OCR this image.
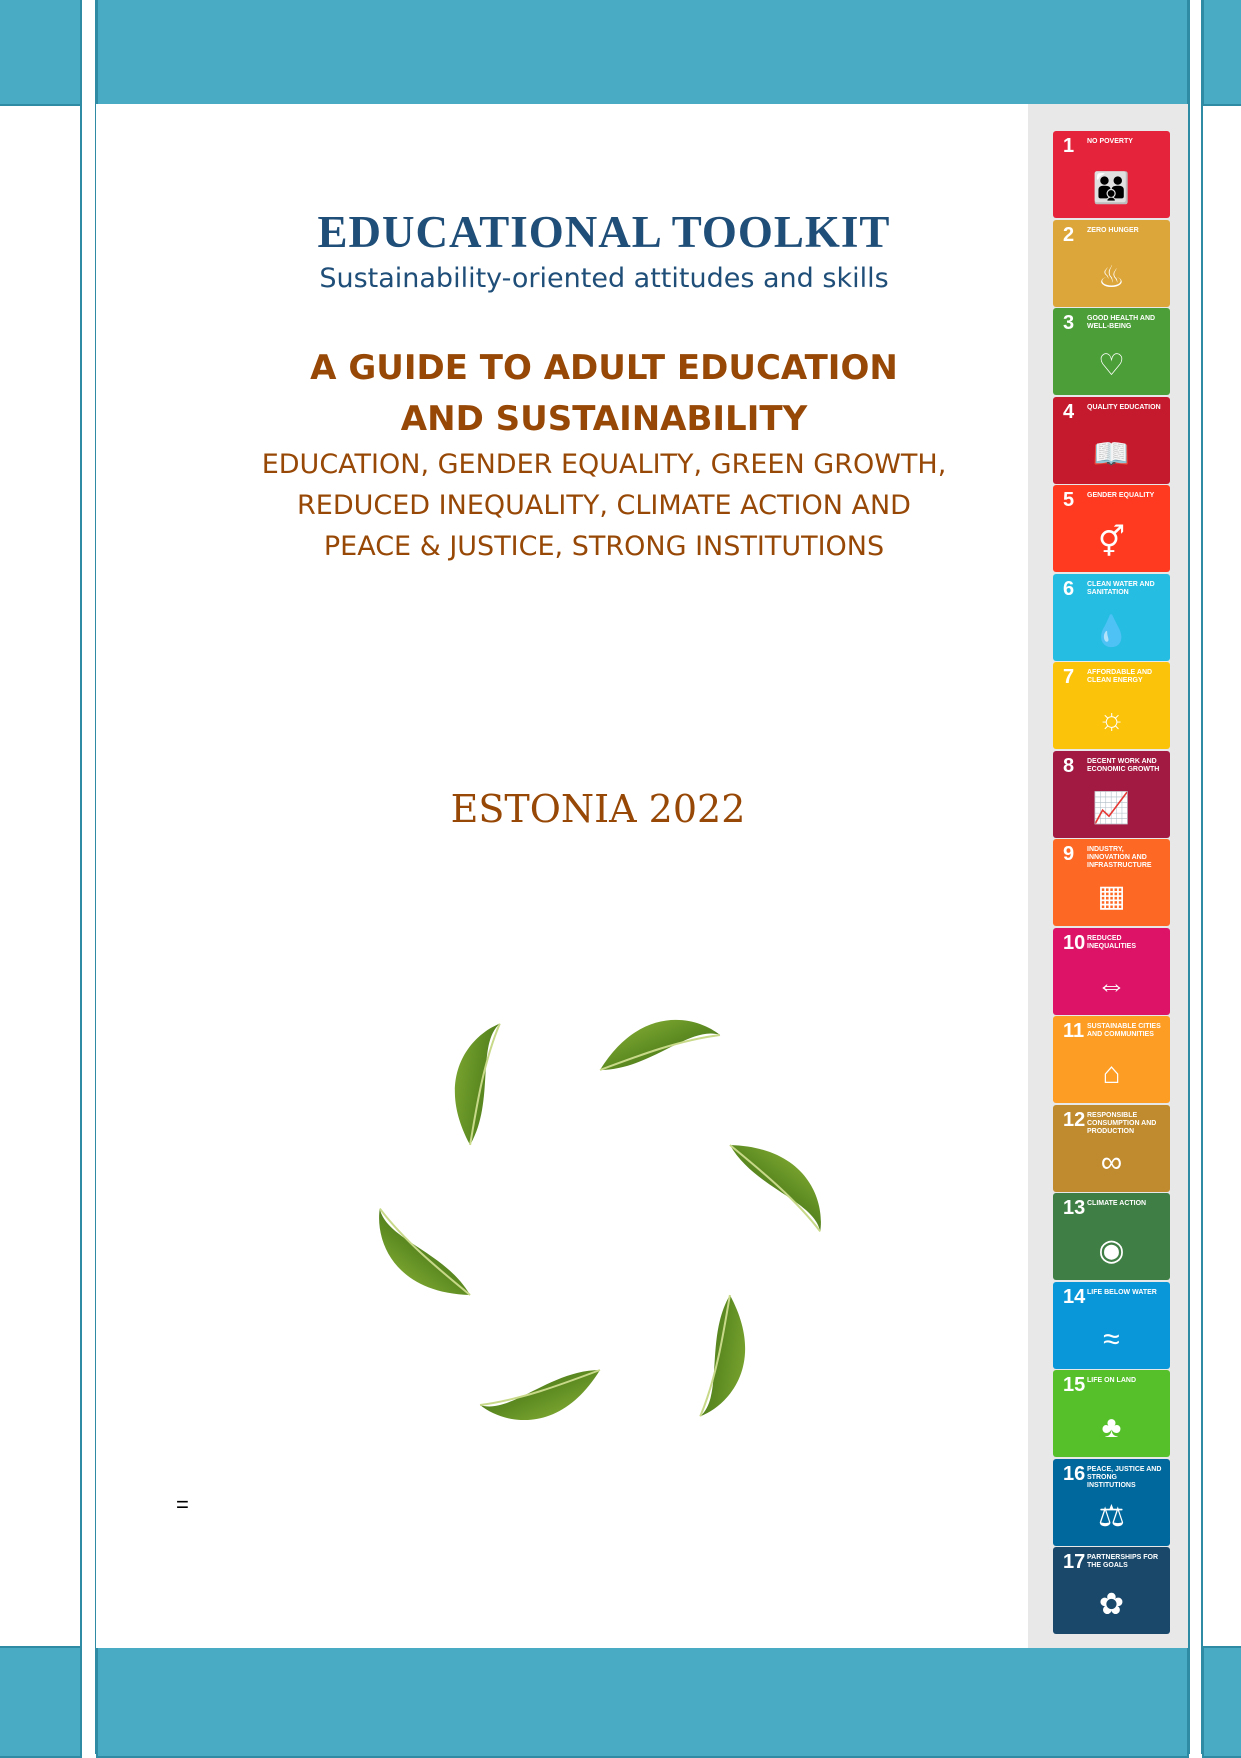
EDUCATIONAL TOOLKIT
Sustainability-oriented attitudes and skills
A GUIDE TO ADULT EDUCATION
AND SUSTAINABILITY
EDUCATION, GENDER EQUALITY, GREEN GROWTH,
REDUCED INEQUALITY, CLIMATE ACTION AND
PEACE & JUSTICE, STRONG INSTITUTIONS
ESTONIA 2022
=
1 NO POVERTY
👪
2 ZERO HUNGER
♨
3 GOOD HEALTH AND WELL-BEING
♡
4 QUALITY EDUCATION
📖
5 GENDER EQUALITY
⚥
6 CLEAN WATER AND SANITATION
💧
7 AFFORDABLE AND CLEAN ENERGY
☼
8 DECENT WORK AND ECONOMIC GROWTH
📈
9 INDUSTRY, INNOVATION AND INFRASTRUCTURE
▦
10 REDUCED INEQUALITIES
⇔
11 SUSTAINABLE CITIES AND COMMUNITIES
⌂
12 RESPONSIBLE CONSUMPTION AND PRODUCTION
∞
13 CLIMATE ACTION
◉
14 LIFE BELOW WATER
≈
15 LIFE ON LAND
♣
16 PEACE, JUSTICE AND STRONG INSTITUTIONS
⚖
17 PARTNERSHIPS FOR THE GOALS
✿
